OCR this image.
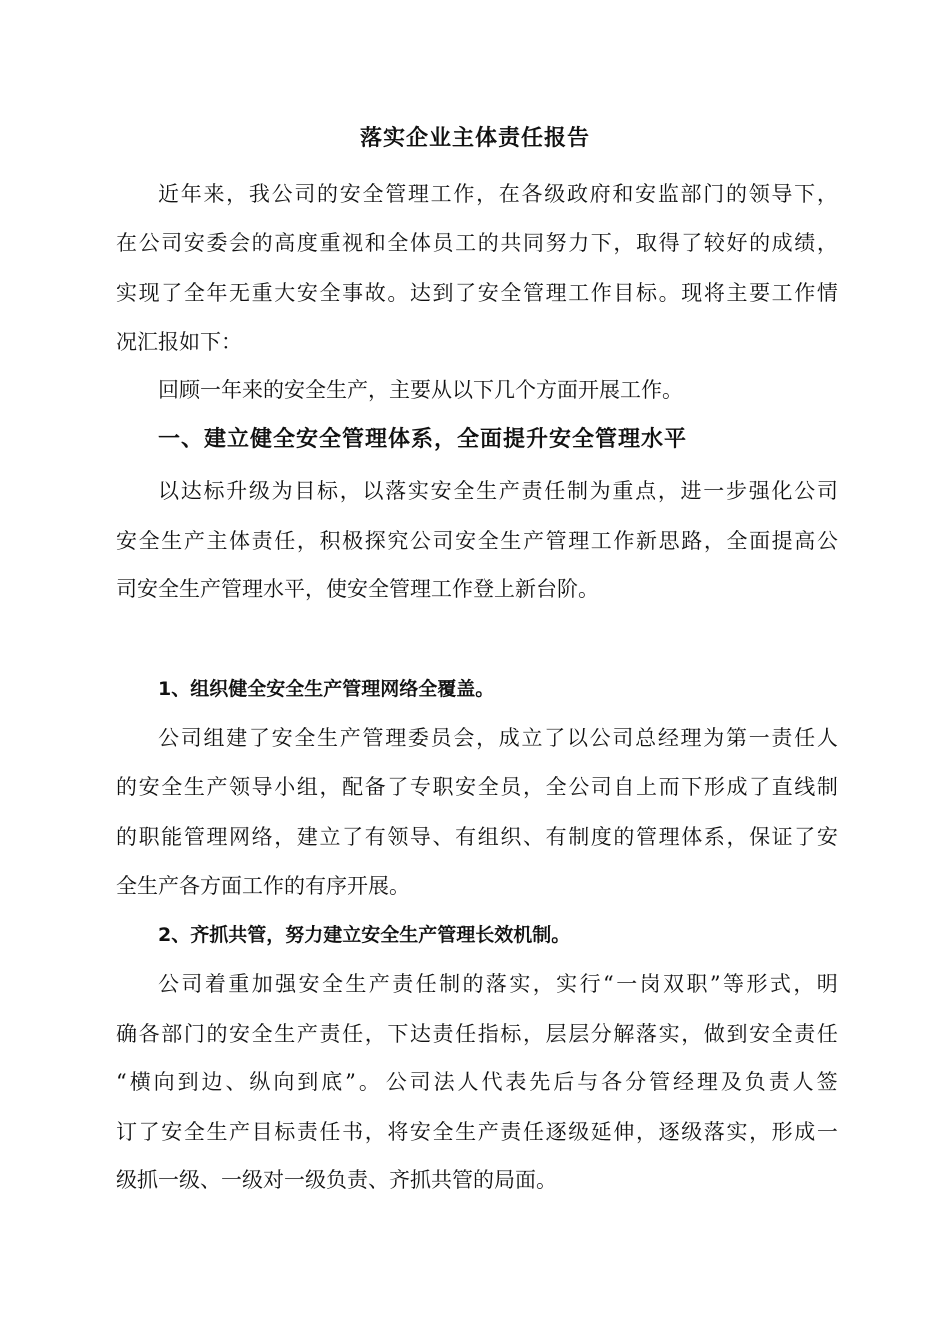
落实企业主体责任报告

近 年 来 ， 我 公 司 的 安 全 管 理 工 作 ， 在 各 级 政 府 和 安 监 部 门 的 领 导 下 ，

在 公 司 安 委 会 的 高 度 重 视 和 全 体 员 工 的 共 同 努 力 下 ， 取 得 了 较 好 的 成 绩 ，

实 现 了 全 年 无 重 大 安 全 事 故 。 达 到 了 安 全 管 理 工 作 目 标 。 现 将 主 要 工 作 情

况汇报如下：

回顾一年来的安全生产，主要从以下几个方面开展工作。

一、建立健全安全管理体系，全面提升安全管理水平

以 达 标 升 级 为 目 标 ， 以 落 实 安 全 生 产 责 任 制 为 重 点 ， 进 一 步 强 化 公 司

安 全 生 产 主 体 责 任 ， 积 极 探 究 公 司 安 全 生 产 管 理 工 作 新 思 路 ， 全 面 提 高 公

司安全生产管理水平，使安全管理工作登上新台阶。

1、组织健全安全生产管理网络全覆盖。

公 司 组 建 了 安 全 生 产 管 理 委 员 会 ， 成 立 了 以 公 司 总 经 理 为 第 一 责 任 人

的 安 全 生 产 领 导 小 组 ， 配 备 了 专 职 安 全 员 ， 全 公 司 自 上 而 下 形 成 了 直 线 制

的 职 能 管 理 网 络 ， 建 立 了 有 领 导 、 有 组 织 、 有 制 度 的 管 理 体 系 ， 保 证 了 安

全生产各方面工作的有序开展。

2、齐抓共管，努力建立安全生产管理长效机制。

公 司 着 重 加 强 安 全 生 产 责 任 制 的 落 实 ， 实 行 “ 一 岗 双 职 ” 等 形 式 ， 明

确 各 部 门 的 安 全 生 产 责 任 ， 下 达 责 任 指 标 ， 层 层 分 解 落 实 ， 做 到 安 全 责 任

“ 横 向 到 边 、 纵 向 到 底 ” 。 公 司 法 人 代 表 先 后 与 各 分 管 经 理 及 负 责 人 签

订 了 安 全 生 产 目 标 责 任 书 ， 将 安 全 生 产 责 任 逐 级 延 伸 ， 逐 级 落 实 ， 形 成 一

级抓一级、一级对一级负责、齐抓共管的局面。
